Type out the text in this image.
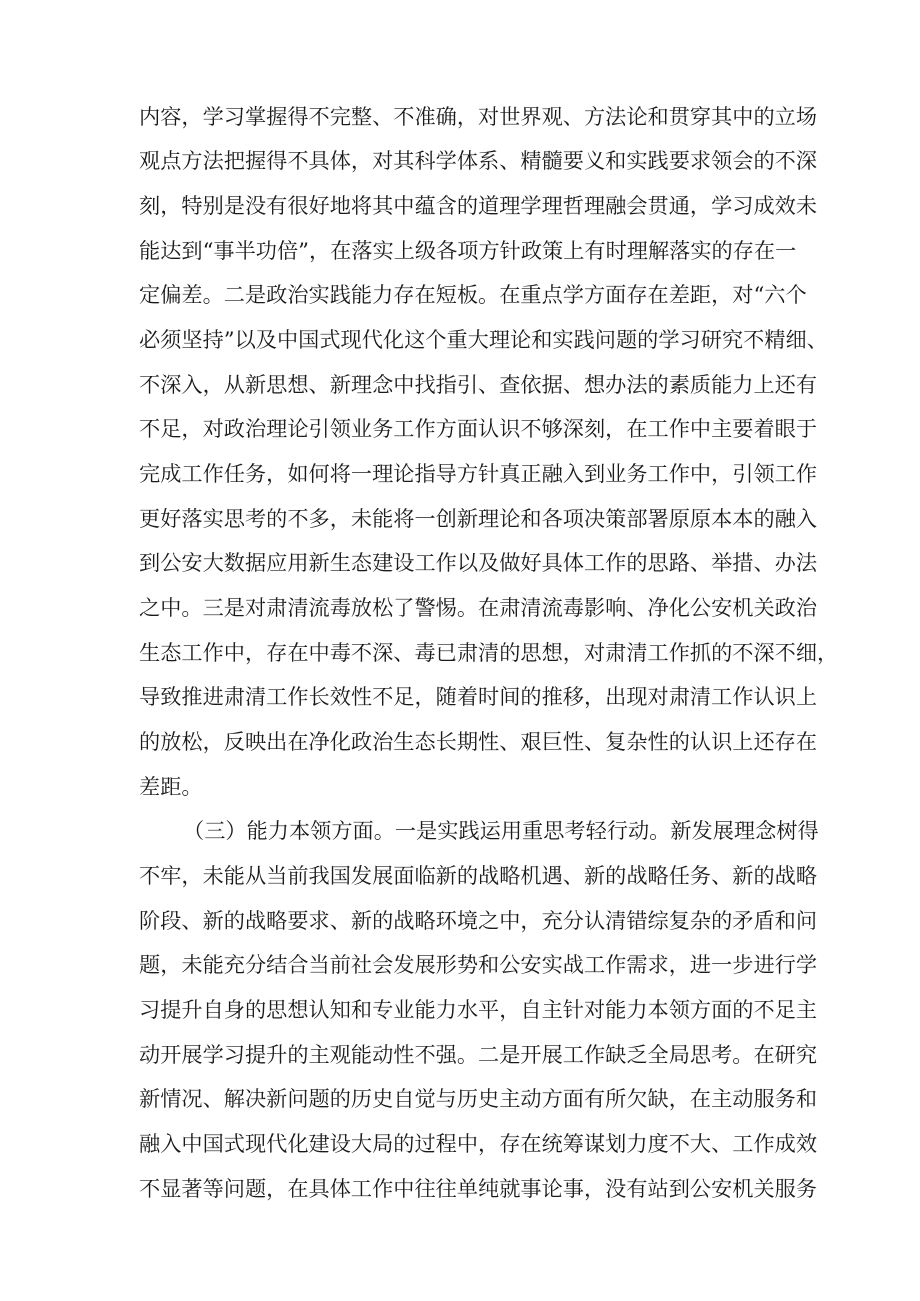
内容，学习掌握得不完整、不准确，对世界观、方法论和贯穿其中的立场
观点方法把握得不具体，对其科学体系、精髓要义和实践要求领会的不深
刻，特别是没有很好地将其中蕴含的道理学理哲理融会贯通，学习成效未
能达到“事半功倍”，在落实上级各项方针政策上有时理解落实的存在一
定偏差。二是政治实践能力存在短板。在重点学方面存在差距，对“六个
必须坚持”以及中国式现代化这个重大理论和实践问题的学习研究不精细、
不深入，从新思想、新理念中找指引、查依据、想办法的素质能力上还有
不足，对政治理论引领业务工作方面认识不够深刻，在工作中主要着眼于
完成工作任务，如何将一理论指导方针真正融入到业务工作中，引领工作
更好落实思考的不多，未能将一创新理论和各项决策部署原原本本的融入
到公安大数据应用新生态建设工作以及做好具体工作的思路、举措、办法
之中。三是对肃清流毒放松了警惕。在肃清流毒影响、净化公安机关政治
生态工作中，存在中毒不深、毒已肃清的思想，对肃清工作抓的不深不细，
导致推进肃清工作长效性不足，随着时间的推移，出现对肃清工作认识上
的放松，反映出在净化政治生态长期性、艰巨性、复杂性的认识上还存在
差距。
（三）能力本领方面。一是实践运用重思考轻行动。新发展理念树得
不牢，未能从当前我国发展面临新的战略机遇、新的战略任务、新的战略
阶段、新的战略要求、新的战略环境之中，充分认清错综复杂的矛盾和问
题，未能充分结合当前社会发展形势和公安实战工作需求，进一步进行学
习提升自身的思想认知和专业能力水平，自主针对能力本领方面的不足主
动开展学习提升的主观能动性不强。二是开展工作缺乏全局思考。在研究
新情况、解决新问题的历史自觉与历史主动方面有所欠缺，在主动服务和
融入中国式现代化建设大局的过程中，存在统筹谋划力度不大、工作成效
不显著等问题，在具体工作中往往单纯就事论事，没有站到公安机关服务
